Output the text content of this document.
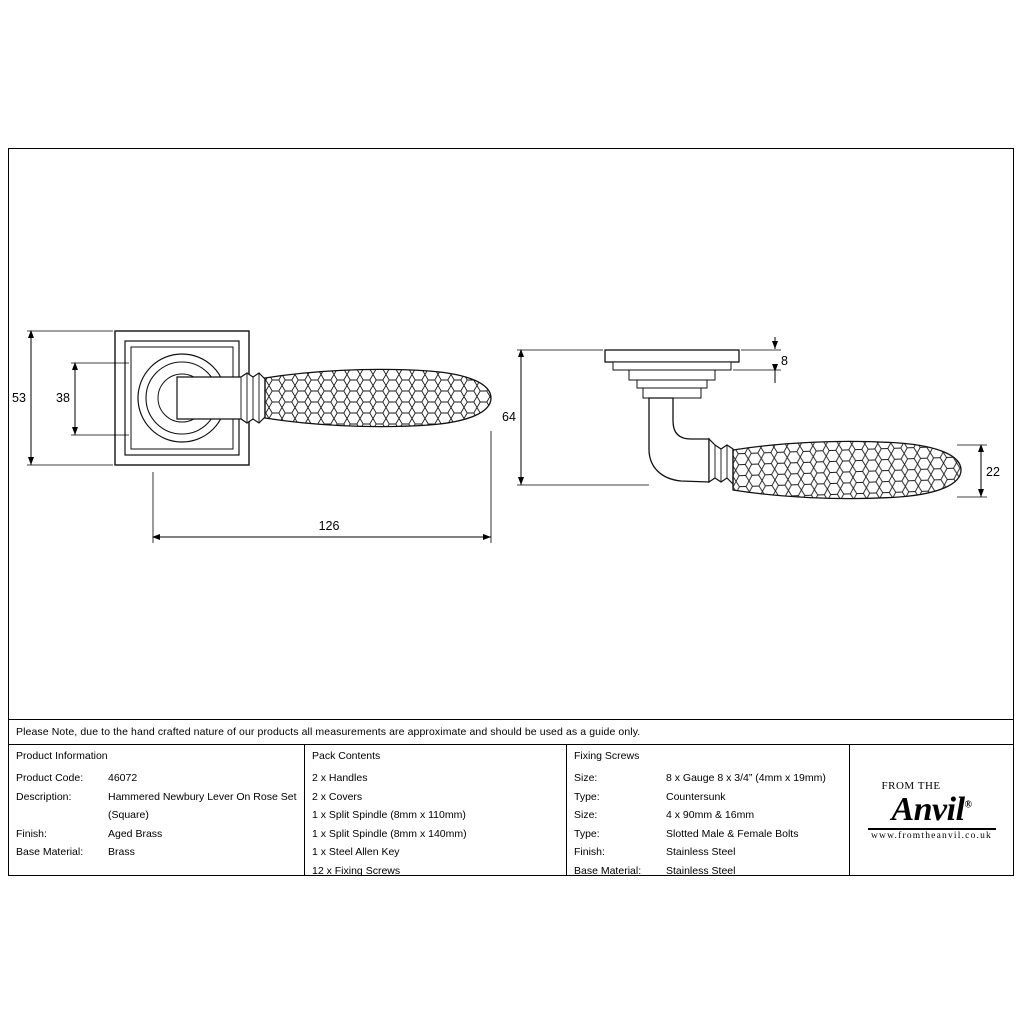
53 38
126
64
8
22
Please Note, due to the hand crafted nature of our products all measurements are approximate and should be used as a guide only.
Product Information
Product Code:	46072
Description:	Hammered Newbury Lever On Rose Set (Square)
Finish:	Aged Brass
Base Material:	Brass
Pack Contents
2 x Handles
2 x Covers
1 x Split Spindle (8mm x 110mm)
1 x Split Spindle (8mm x 140mm)
1 x Steel Allen Key
12 x Fixing Screws
Fixing Screws
Size:	8 x Gauge 8 x 3/4” (4mm x 19mm)
Type:	Countersunk
Size:	4 x 90mm & 16mm
Type:	Slotted Male & Female Bolts
Finish:	Stainless Steel
Base Material:	Stainless Steel
FROM THE
Anvil®
www.fromtheanvil.co.uk
